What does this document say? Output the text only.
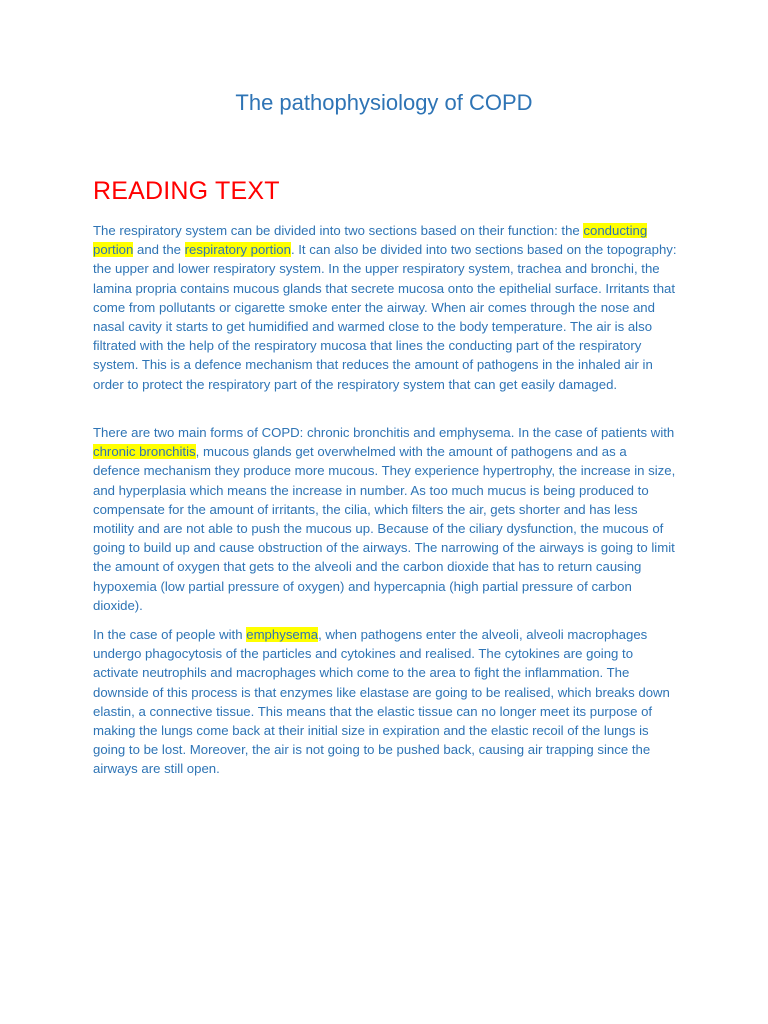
The pathophysiology of COPD
READING TEXT

The respiratory system can be divided into two sections based on their function: the conducting portion and the respiratory portion. It can also be divided into two sections based on the topography: the upper and lower respiratory system. In the upper respiratory system, trachea and bronchi, the lamina propria contains mucous glands that secrete mucosa onto the epithelial surface. Irritants that come from pollutants or cigarette smoke enter the airway. When air comes through the nose and nasal cavity it starts to get humidified and warmed close to the body temperature. The air is also filtrated with the help of the respiratory mucosa that lines the conducting part of the respiratory system. This is a defence mechanism that reduces the amount of pathogens in the inhaled air in order to protect the respiratory part of the respiratory system that can get easily damaged.

There are two main forms of COPD: chronic bronchitis and emphysema. In the case of patients with chronic bronchitis, mucous glands get overwhelmed with the amount of pathogens and as a defence mechanism they produce more mucous. They experience hypertrophy, the increase in size, and hyperplasia which means the increase in number. As too much mucus is being produced to compensate for the amount of irritants, the cilia, which filters the air, gets shorter and has less motility and are not able to push the mucous up. Because of the ciliary dysfunction, the mucous of going to build up and cause obstruction of the airways. The narrowing of the airways is going to limit the amount of oxygen that gets to the alveoli and the carbon dioxide that has to return causing hypoxemia (low partial pressure of oxygen) and hypercapnia (high partial pressure of carbon dioxide).

In the case of people with emphysema, when pathogens enter the alveoli, alveoli macrophages undergo phagocytosis of the particles and cytokines and realised. The cytokines are going to activate neutrophils and macrophages which come to the area to fight the inflammation. The downside of this process is that enzymes like elastase are going to be realised, which breaks down elastin, a connective tissue. This means that the elastic tissue can no longer meet its purpose of making the lungs come back at their initial size in expiration and the elastic recoil of the lungs is going to be lost. Moreover, the air is not going to be pushed back, causing air trapping since the airways are still open.
